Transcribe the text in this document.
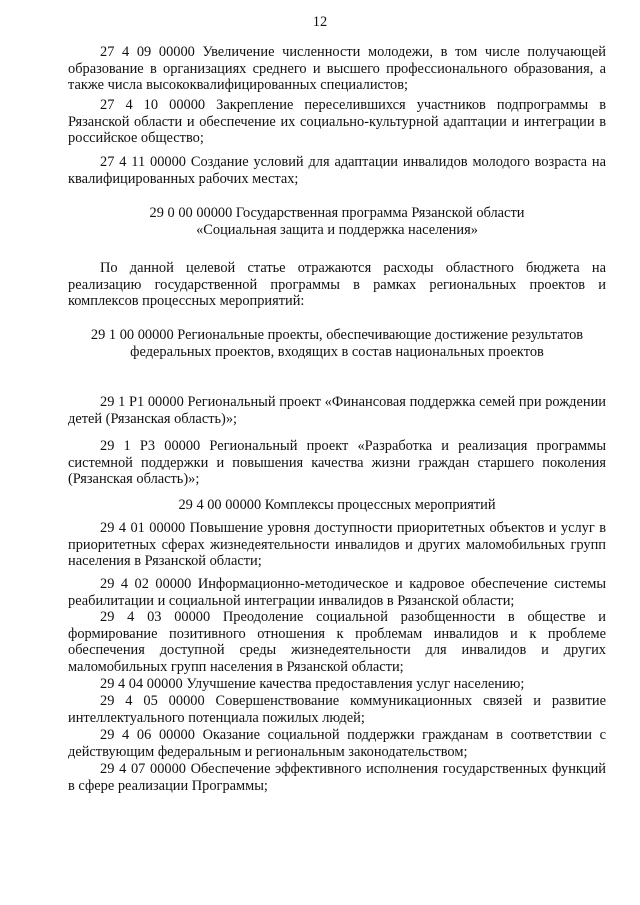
12

27 4 09 00000 Увеличение численности молодежи, в том числе получающей образование в организациях среднего и высшего профессионального образования, а также числа высококвалифицированных специалистов;

27 4 10 00000 Закрепление переселившихся участников подпрограммы в Рязанской области и обеспечение их социально-культурной адаптации и интеграции в российское общество;

27 4 11 00000 Создание условий для адаптации инвалидов молодого возраста на квалифицированных рабочих местах;

29 0 00 00000 Государственная программа Рязанской области «Социальная защита и поддержка населения»

По данной целевой статье отражаются расходы областного бюджета на реализацию государственной программы в рамках региональных проектов и комплексов процессных мероприятий:

29 1 00 00000 Региональные проекты, обеспечивающие достижение результатов федеральных проектов, входящих в состав национальных проектов

29 1 P1 00000 Региональный проект «Финансовая поддержка семей при рождении детей (Рязанская область)»;

29 1 P3 00000 Региональный проект «Разработка и реализация программы системной поддержки и повышения качества жизни граждан старшего поколения (Рязанская область)»;

29 4 00 00000 Комплексы процессных мероприятий

29 4 01 00000 Повышение уровня доступности приоритетных объектов и услуг в приоритетных сферах жизнедеятельности инвалидов и других маломобильных групп населения в Рязанской области;

29 4 02 00000 Информационно-методическое и кадровое обеспечение системы реабилитации и социальной интеграции инвалидов в Рязанской области;

29 4 03 00000 Преодоление социальной разобщенности в обществе и формирование позитивного отношения к проблемам инвалидов и к проблеме обеспечения доступной среды жизнедеятельности для инвалидов и других маломобильных групп населения в Рязанской области;

29 4 04 00000 Улучшение качества предоставления услуг населению;

29 4 05 00000 Совершенствование коммуникационных связей и развитие интеллектуального потенциала пожилых людей;

29 4 06 00000 Оказание социальной поддержки гражданам в соответствии с действующим федеральным и региональным законодательством;

29 4 07 00000 Обеспечение эффективного исполнения государственных функций в сфере реализации Программы;
